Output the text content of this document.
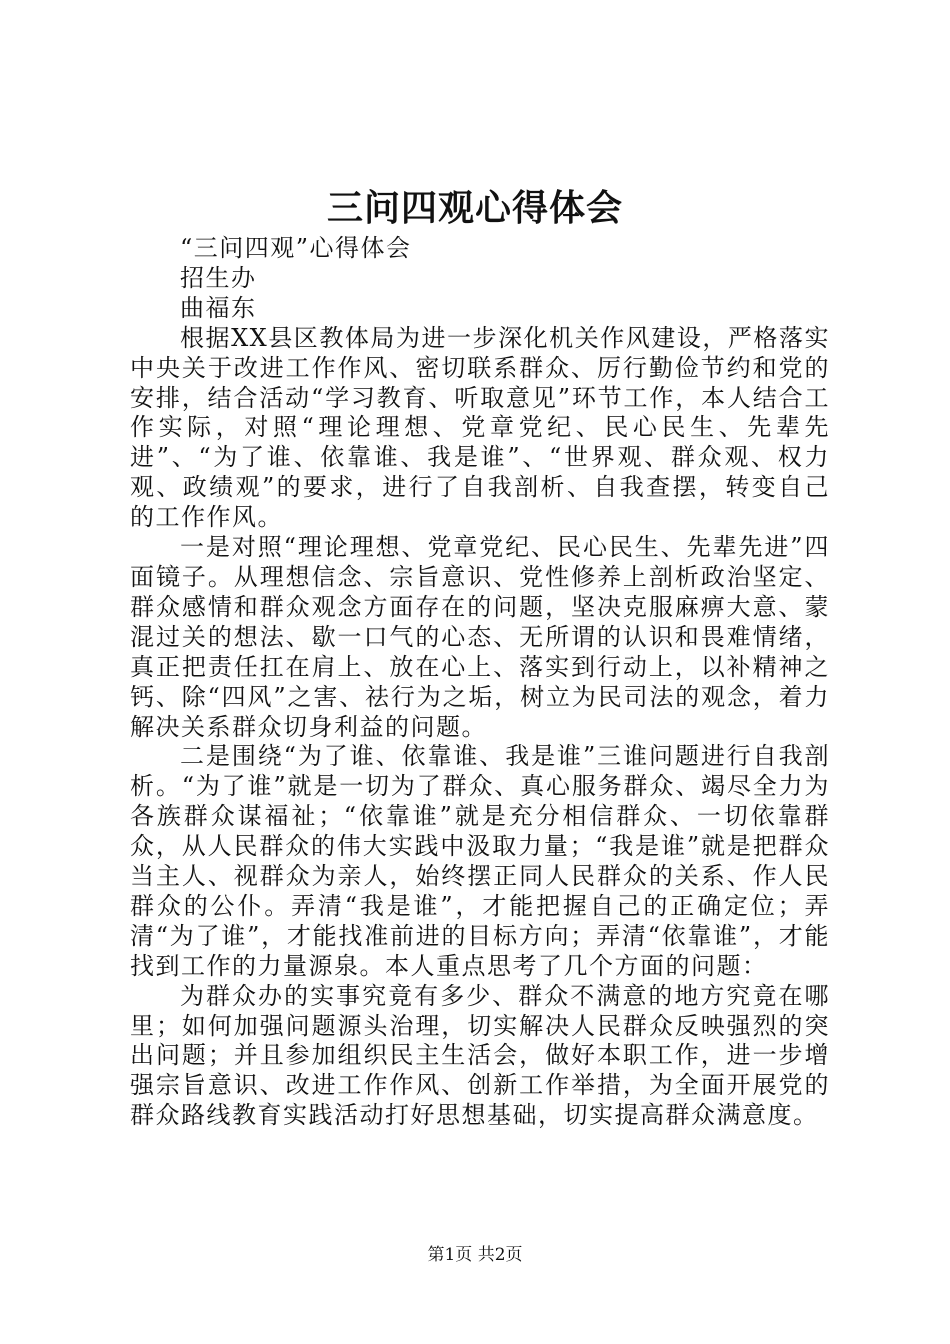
三问四观心得体会

“三问四观”心得体会

招生办

曲福东

根据XX县区教体局为进一步深化机关作风建设，严格落实中央关于改进工作作风、密切联系群众、厉行勤俭节约和党的安排，结合活动“学习教育、听取意见”环节工作，本人结合工作实际，对照“理论理想、党章党纪、民心民生、先辈先进”、“为了谁、依靠谁、我是谁”、“世界观、群众观、权力观、政绩观”的要求，进行了自我剖析、自我查摆，转变自己的工作作风。

一是对照“理论理想、党章党纪、民心民生、先辈先进”四面镜子。从理想信念、宗旨意识、党性修养上剖析政治坚定、群众感情和群众观念方面存在的问题，坚决克服麻痹大意、蒙混过关的想法、歇一口气的心态、无所谓的认识和畏难情绪，真正把责任扛在肩上、放在心上、落实到行动上，以补精神之钙、除“四风”之害、祛行为之垢，树立为民司法的观念，着力解决关系群众切身利益的问题。

二是围绕“为了谁、依靠谁、我是谁”三谁问题进行自我剖析。“为了谁”就是一切为了群众、真心服务群众、竭尽全力为各族群众谋福祉；“依靠谁”就是充分相信群众、一切依靠群众，从人民群众的伟大实践中汲取力量；“我是谁”就是把群众当主人、视群众为亲人，始终摆正同人民群众的关系、作人民群众的公仆。弄清“我是谁”，才能把握自己的正确定位；弄清“为了谁”，才能找准前进的目标方向；弄清“依靠谁”，才能找到工作的力量源泉。本人重点思考了几个方面的问题：

为群众办的实事究竟有多少、群众不满意的地方究竟在哪里；如何加强问题源头治理，切实解决人民群众反映强烈的突出问题；并且参加组织民主生活会，做好本职工作，进一步增强宗旨意识、改进工作作风、创新工作举措，为全面开展党的群众路线教育实践活动打好思想基础，切实提高群众满意度。

第1页 共2页
